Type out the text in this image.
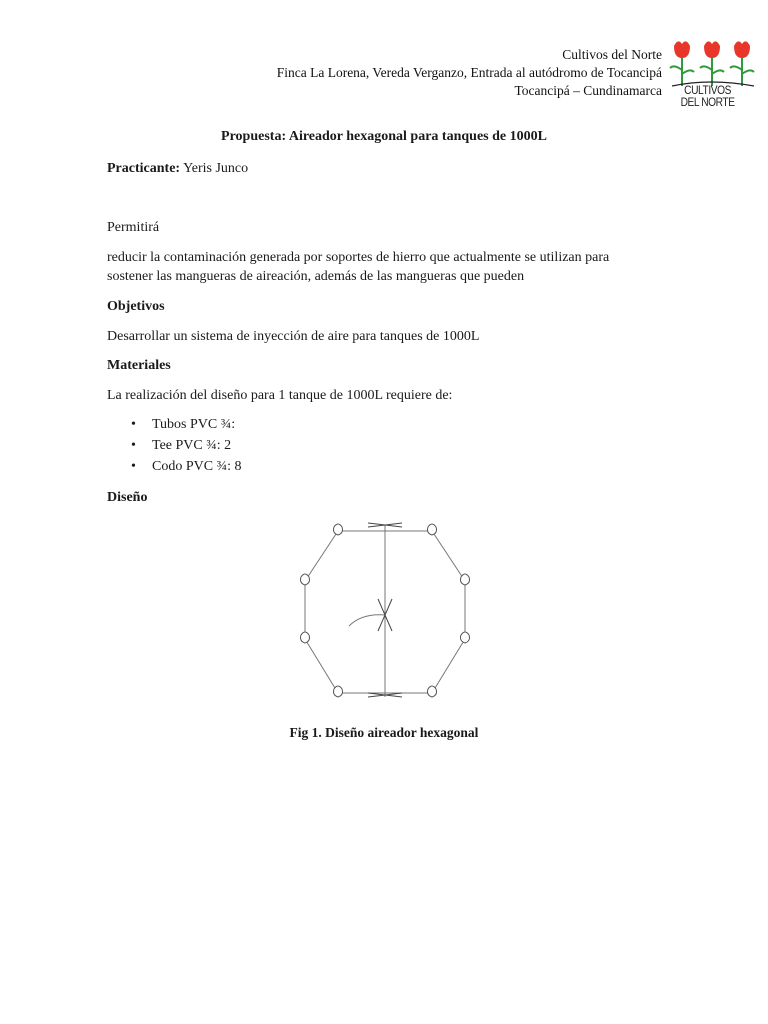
Cultivos del Norte
Finca La Lorena, Vereda Verganzo, Entrada al autódromo de Tocancipá
Tocancipá – Cundinamarca	CULTIVOS
DEL NORTE
Propuesta: Aireador hexagonal para tanques de 1000L

Practicante: Yeris Junco

Permitirá

reducir la contaminación generada por soportes de hierro que actualmente se utilizan para

sostener las mangueras de aireación, además de las mangueras que pueden

Objetivos

Desarrollar un sistema de inyección de aire para tanques de 1000L

Materiales

La realización del diseño para 1 tanque de 1000L requiere de:

• Tubos PVC ¾:
• Tee PVC ¾: 2
• Codo PVC ¾: 8

Diseño

Fig 1. Diseño aireador hexagonal
